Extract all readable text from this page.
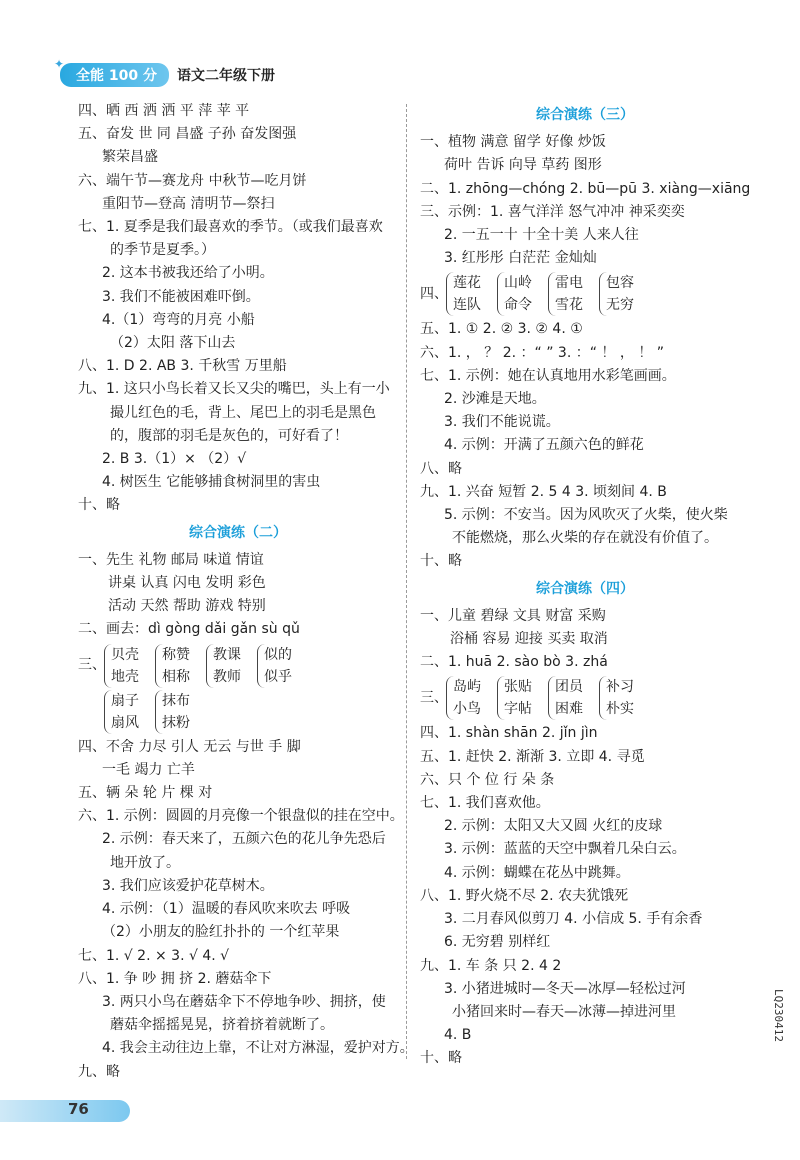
✦
全能 100 分	语文二年级下册
四、晒 西 洒 洒 平 萍 苹 平
五、奋发 世 同 昌盛 子孙 奋发图强
繁荣昌盛
六、端午节—赛龙舟 中秋节—吃月饼
重阳节—登高 清明节—祭扫
七、1. 夏季是我们最喜欢的季节。（或我们最喜欢
的季节是夏季。）
2. 这本书被我还给了小明。
3. 我们不能被困难吓倒。
4.（1）弯弯的月亮 小船
（2）太阳 落下山去
八、1. D 2. AB 3. 千秋雪 万里船
九、1. 这只小鸟长着又长又尖的嘴巴，头上有一小
撮儿红色的毛，背上、尾巴上的羽毛是黑色
的，腹部的羽毛是灰色的，可好看了！
2. B 3.（1）× （2）√
4. 树医生 它能够捕食树洞里的害虫
十、略
综合演练（二）
一、先生 礼物 邮局 味道 情谊
讲桌 认真 闪电 发明 彩色
活动 天然 帮助 游戏 特别
二、画去：dì gòng dǎi gǎn sù qǔ
三、
贝壳
地壳
称赞
相称
教课
教师
似的
似乎
扇子
扇风
抹布
抹粉
四、不舍 力尽 引人 无云 与世 手 脚
一毛 竭力 亡羊
五、辆 朵 轮 片 棵 对
六、1. 示例：圆圆的月亮像一个银盘似的挂在空中。
2. 示例：春天来了，五颜六色的花儿争先恐后
地开放了。
3. 我们应该爱护花草树木。
4. 示例：（1）温暖的春风吹来吹去 呼吸
（2）小朋友的脸红扑扑的 一个红苹果
七、1. √ 2. × 3. √ 4. √
八、1. 争 吵 拥 挤 2. 蘑菇伞下
3. 两只小鸟在蘑菇伞下不停地争吵、拥挤，使
蘑菇伞摇摇晃晃，挤着挤着就断了。
4. 我会主动往边上靠，不让对方淋湿，爱护对方。
九、略
综合演练（三）
一、植物 满意 留学 好像 炒饭
荷叶 告诉 向导 草药 图形
二、1. zhōng—chóng 2. bū—pū 3. xiàng—xiāng
三、示例：1. 喜气洋洋 怒气冲冲 神采奕奕
2. 一五一十 十全十美 人来人往
3. 红彤彤 白茫茫 金灿灿
四、
莲花
连队
山岭
命令
雷电
雪花
包容
无穷
五、1. ① 2. ② 3. ② 4. ①
六、1. ， ？ 2. ：“ ” 3. ：“ ！ ， ！ ”
七、1. 示例：她在认真地用水彩笔画画。
2. 沙滩是天地。
3. 我们不能说谎。
4. 示例：开满了五颜六色的鲜花
八、略
九、1. 兴奋 短暂 2. 5 4 3. 顷刻间 4. B
5. 示例：不安当。因为风吹灭了火柴，使火柴
不能燃烧，那么火柴的存在就没有价值了。
十、略
综合演练（四）
一、儿童 碧绿 文具 财富 采购
浴桶 容易 迎接 买卖 取消
二、1. huā 2. sào bò 3. zhá
三、
岛屿
小鸟
张贴
字帖
团员
困难
补习
朴实
四、1. shàn shān 2. jǐn jìn
五、1. 赶快 2. 渐渐 3. 立即 4. 寻觅
六、只 个 位 行 朵 条
七、1. 我们喜欢他。
2. 示例：太阳又大又圆 火红的皮球
3. 示例：蓝蓝的天空中飘着几朵白云。
4. 示例：蝴蝶在花丛中跳舞。
八、1. 野火烧不尽 2. 农夫犹饿死
3. 二月春风似剪刀 4. 小信成 5. 手有余香
6. 无穷碧 别样红
九、1. 车 条 只 2. 4 2
3. 小猪进城时—冬天—冰厚—轻松过河
小猪回来时—春天—冰薄—掉进河里
4. B
十、略
76
LQ230412
